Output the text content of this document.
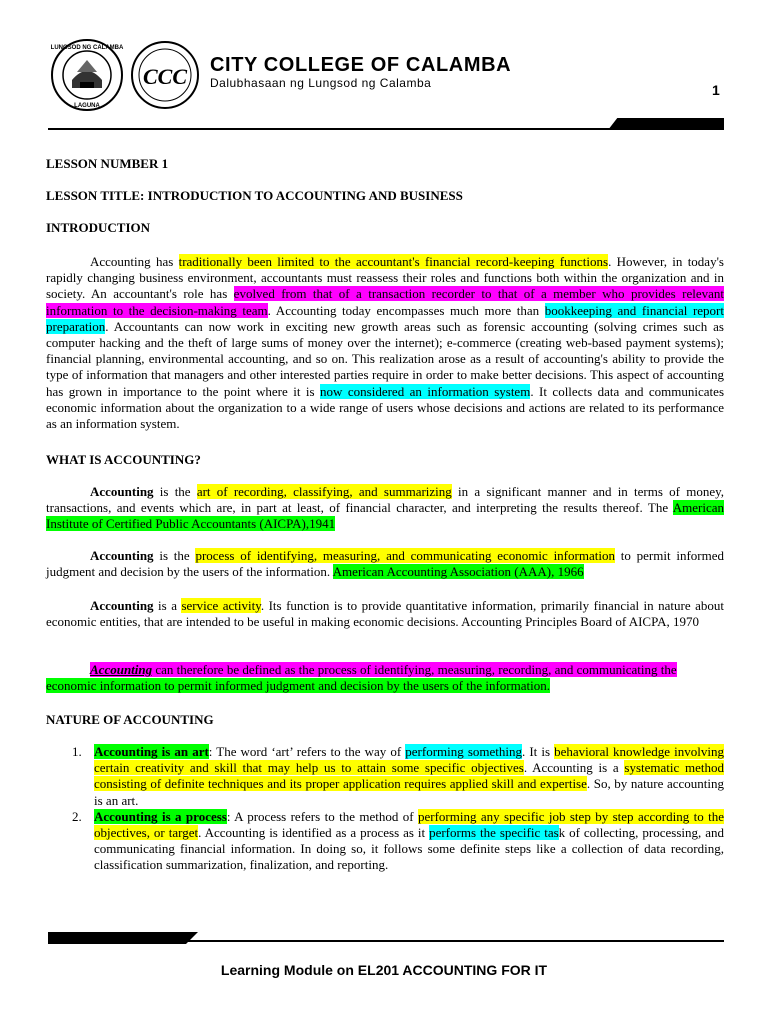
LUNGSOD NG CALAMBA
LAGUNA
CCC CITY COLLEGE OF CALAMBA
Dalubhasaan ng Lungsod ng Calamba	1

LESSON NUMBER 1

LESSON TITLE: INTRODUCTION TO ACCOUNTING AND BUSINESS

INTRODUCTION

Accounting has traditionally been limited to the accountant's financial record-keeping functions. However, in today's rapidly changing business environment, accountants must reassess their roles and functions both within the organization and in society. An accountant's role has evolved from that of a transaction recorder to that of a member who provides relevant information to the decision-making team. Accounting today encompasses much more than bookkeeping and financial report preparation. Accountants can now work in exciting new growth areas such as forensic accounting (solving crimes such as computer hacking and the theft of large sums of money over the internet); e-commerce (creating web-based payment systems); financial planning, environmental accounting, and so on. This realization arose as a result of accounting's ability to provide the type of information that managers and other interested parties require in order to make better decisions. This aspect of accounting has grown in importance to the point where it is now considered an information system. It collects data and communicates economic information about the organization to a wide range of users whose decisions and actions are related to its performance as an information system.

WHAT IS ACCOUNTING?

Accounting is the art of recording, classifying, and summarizing in a significant manner and in terms of money, transactions, and events which are, in part at least, of financial character, and interpreting the results thereof. The American Institute of Certified Public Accountants (AICPA),1941

Accounting is the process of identifying, measuring, and communicating economic information to permit informed judgment and decision by the users of the information. American Accounting Association (AAA), 1966

Accounting is a service activity. Its function is to provide quantitative information, primarily financial in nature about economic entities, that are intended to be useful in making economic decisions. Accounting Principles Board of AICPA, 1970

Accounting can therefore be defined as the process of identifying, measuring, recording, and communicating the
economic information to permit informed judgment and decision by the users of the information.

NATURE OF ACCOUNTING

1. Accounting is an art: The word ‘art’ refers to the way of performing something. It is behavioral knowledge involving certain creativity and skill that may help us to attain some specific objectives. Accounting is a systematic method consisting of definite techniques and its proper application requires applied skill and expertise. So, by nature accounting is an art.
2. Accounting is a process: A process refers to the method of performing any specific job step by step according to the objectives, or target. Accounting is identified as a process as it performs the specific task of collecting, processing, and communicating financial information. In doing so, it follows some definite steps like a collection of data recording, classification summarization, finalization, and reporting.
Learning Module on EL201 ACCOUNTING FOR IT
